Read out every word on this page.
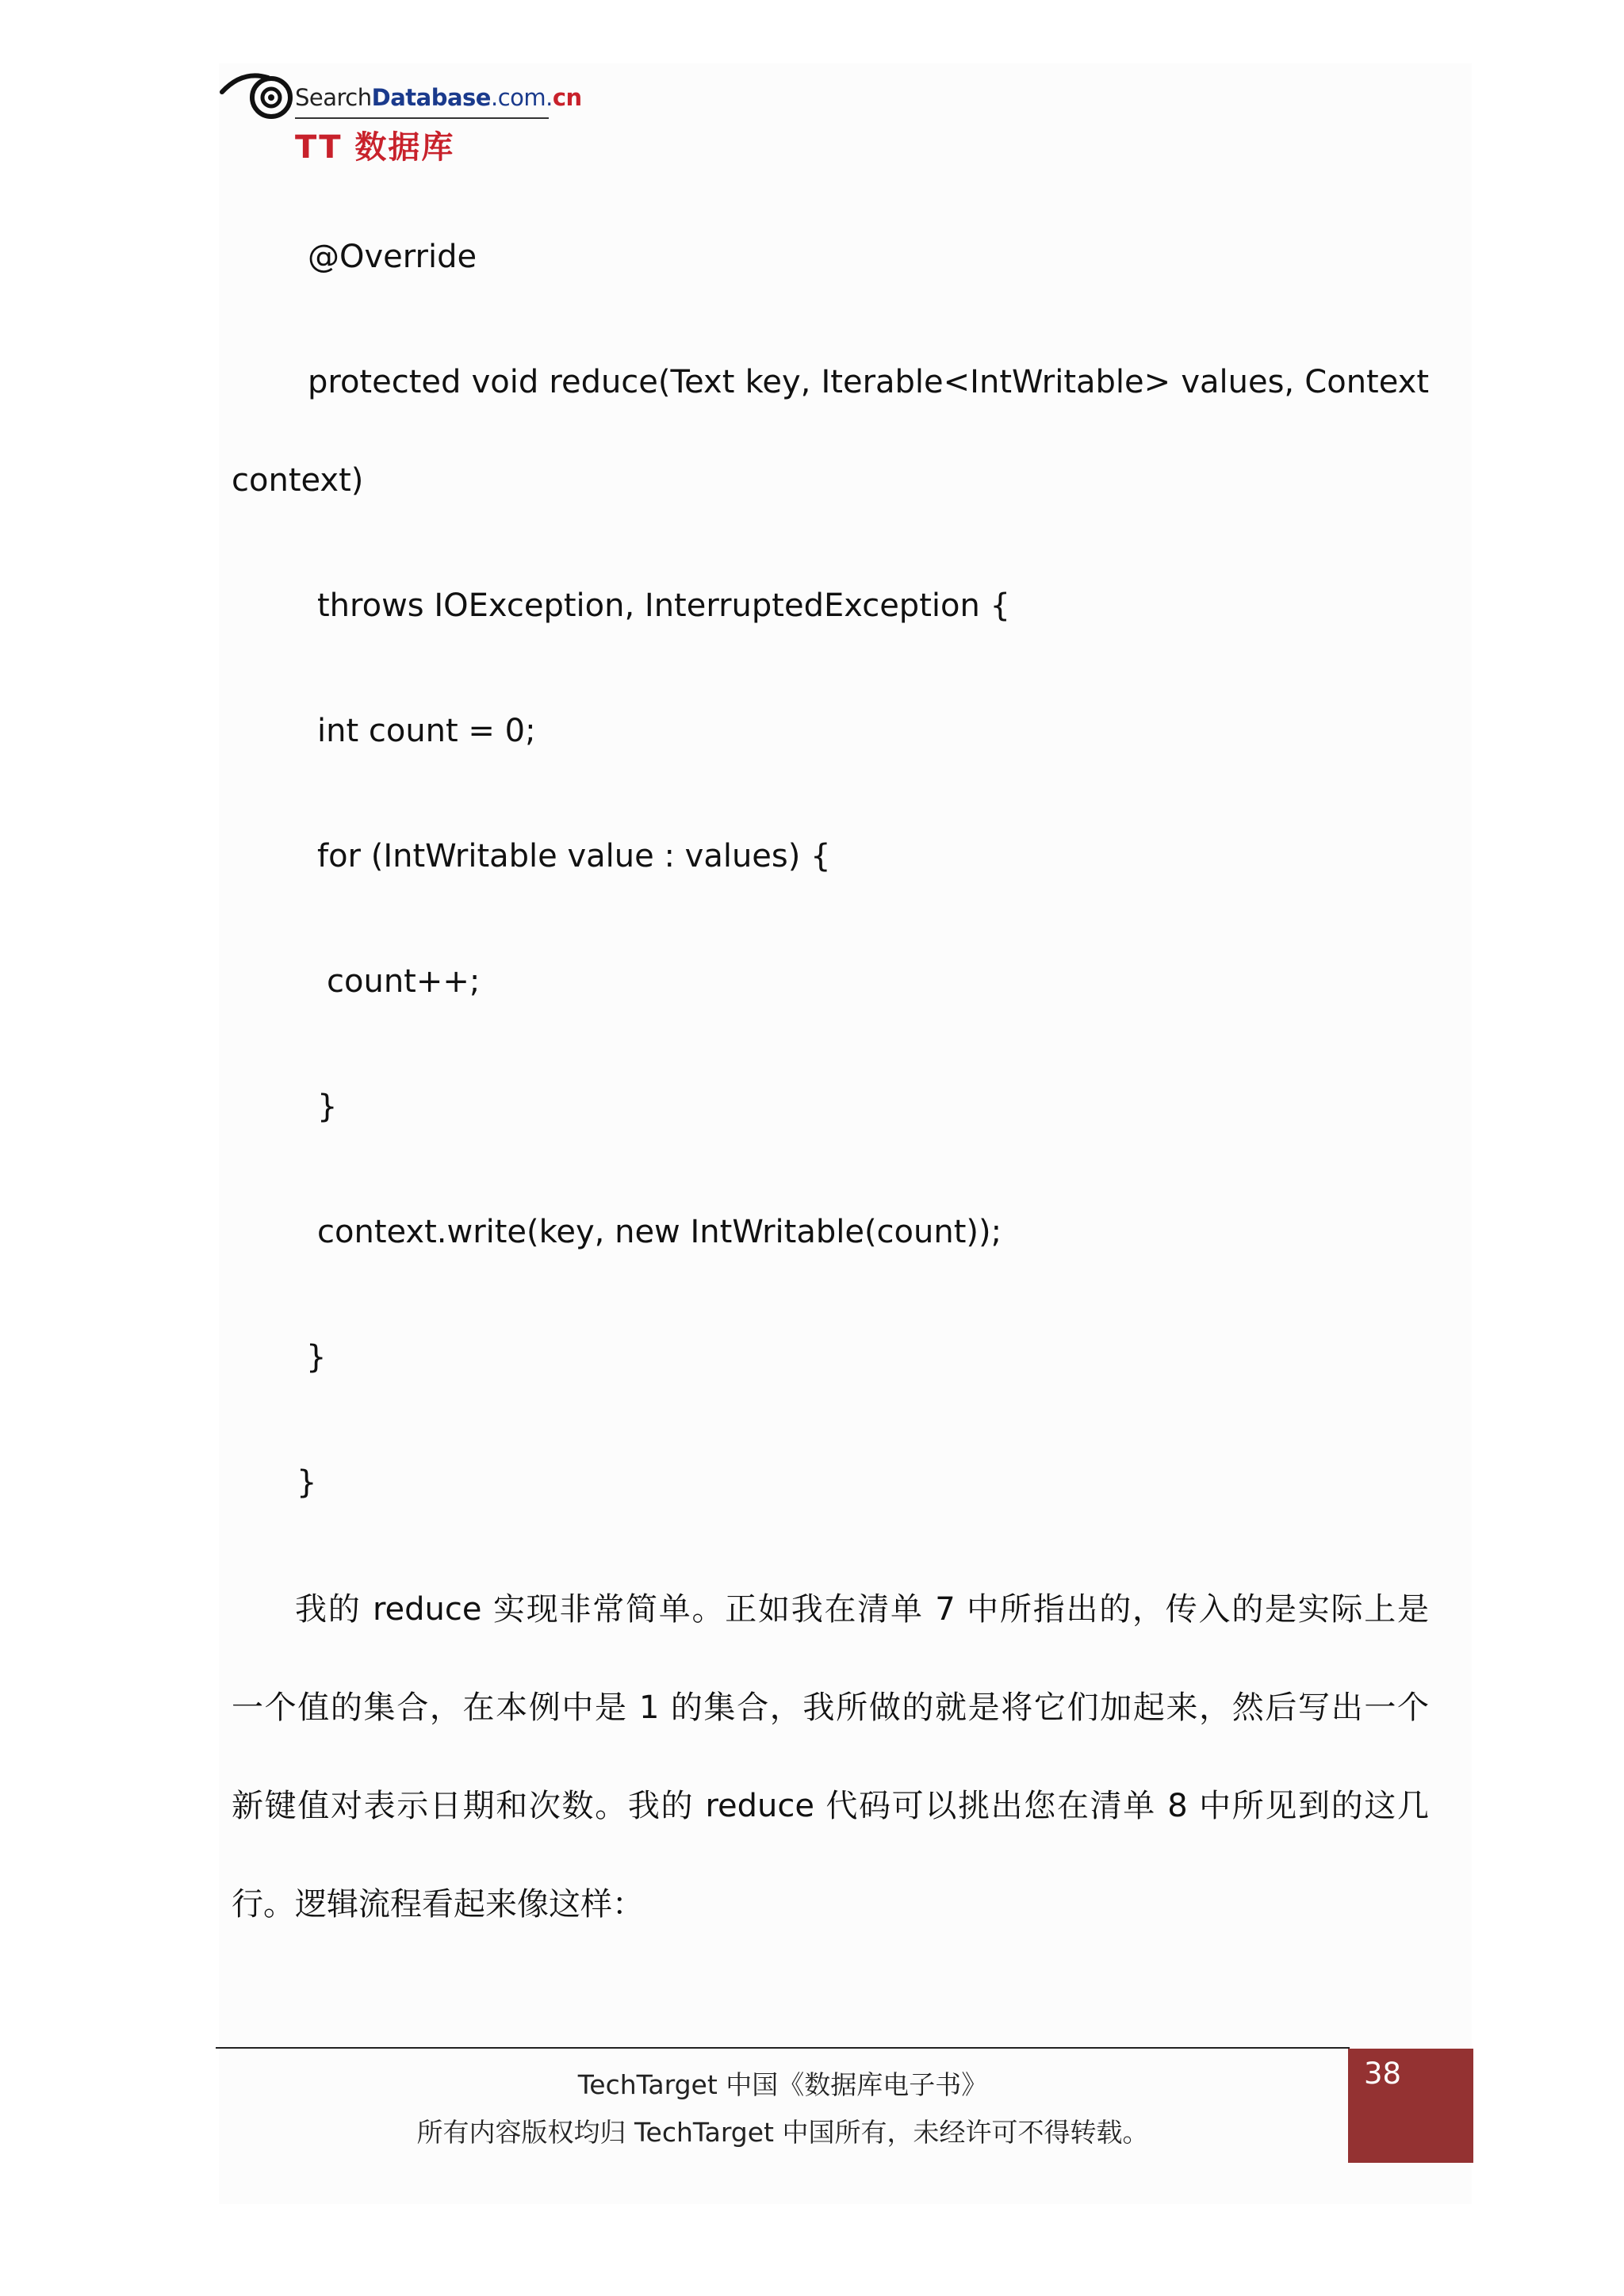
SearchDatabase.com.cn
TT 数据库
@Override
protected void reduce(Text key, Iterable<IntWritable> values, Context
context)
throws IOException, InterruptedException {
int count = 0;
for (IntWritable value : values) {
count++;
}
context.write(key, new IntWritable(count));
}
}
我的 reduce 实现非常简单。正如我在清单 7 中所指出的，传入的是实际上是
一个值的集合，在本例中是 1 的集合，我所做的就是将它们加起来，然后写出一个
新键值对表示日期和次数。我的 reduce 代码可以挑出您在清单 8 中所见到的这几
行。逻辑流程看起来像这样：
TechTarget 中国《数据库电子书》
所有内容版权均归 TechTarget 中国所有，未经许可不得转载。
38
